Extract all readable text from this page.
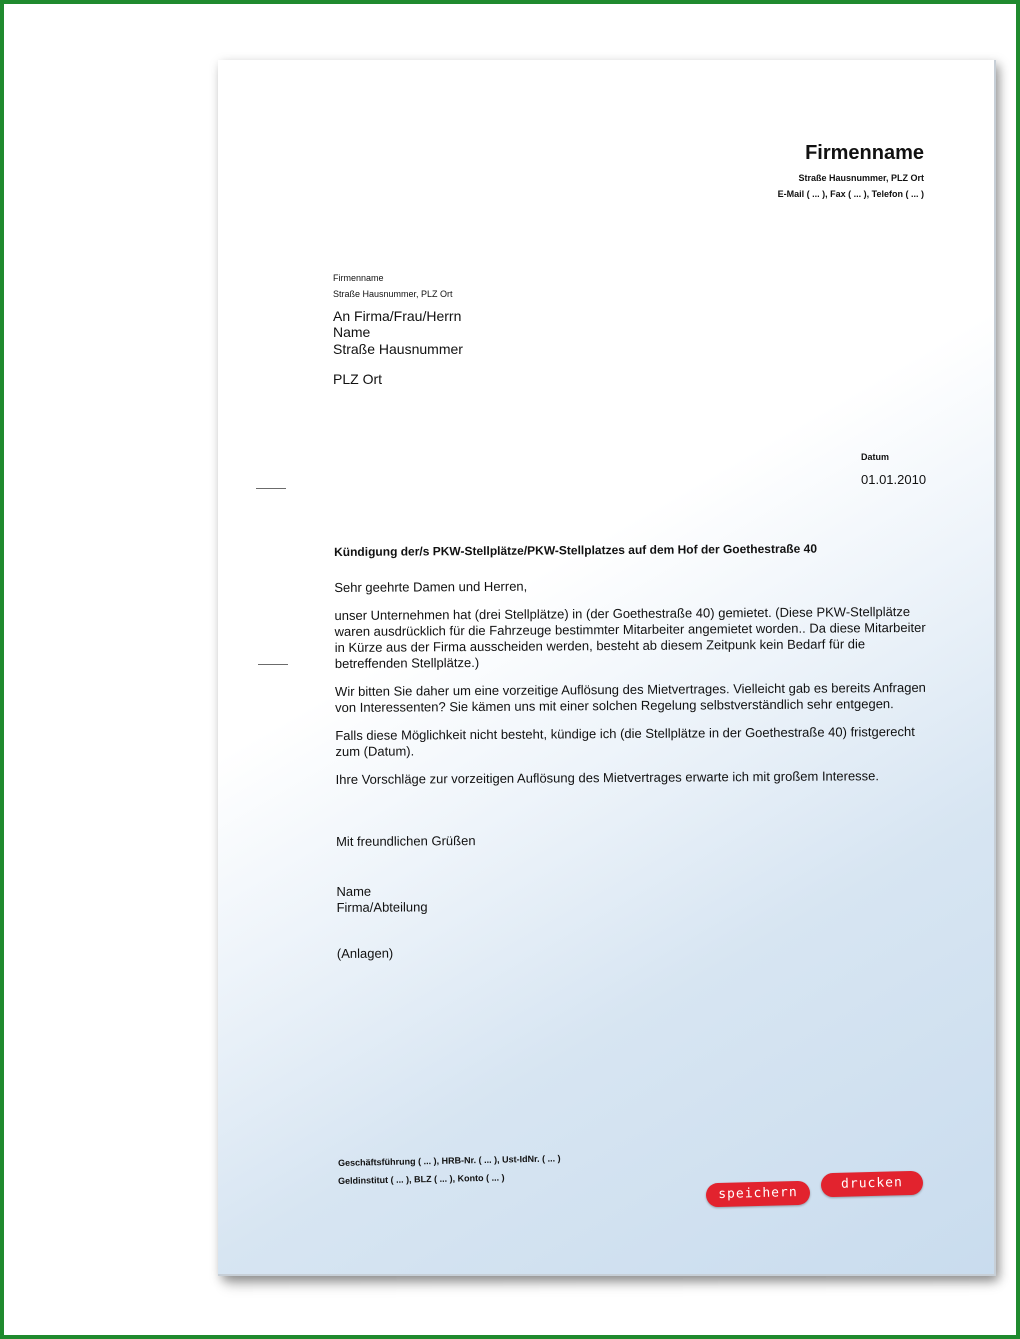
Firmenname
Straße Hausnummer, PLZ Ort
E-Mail ( ... ), Fax ( ... ), Telefon ( ... )
Firmenname
Straße Hausnummer, PLZ Ort
An Firma/Frau/Herrn
Name
Straße Hausnummer
PLZ Ort
Datum
01.01.2010
Kündigung der/s PKW-Stellplätze/PKW-Stellplatzes auf dem Hof der Goethestraße 40
Sehr geehrte Damen und Herren,
unser Unternehmen hat (drei Stellplätze) in (der Goethestraße 40) gemietet. (Diese PKW-Stellplätze
waren ausdrücklich für die Fahrzeuge bestimmter Mitarbeiter angemietet worden.. Da diese Mitarbeiter
in Kürze aus der Firma ausscheiden werden, besteht ab diesem Zeitpunk kein Bedarf für die
betreffenden Stellplätze.)
Wir bitten Sie daher um eine vorzeitige Auflösung des Mietvertrages. Vielleicht gab es bereits Anfragen
von Interessenten? Sie kämen uns mit einer solchen Regelung selbstverständlich sehr entgegen.
Falls diese Möglichkeit nicht besteht, kündige ich (die Stellplätze in der Goethestraße 40) fristgerecht
zum (Datum).
Ihre Vorschläge zur vorzeitigen Auflösung des Mietvertrages erwarte ich mit großem Interesse.
Mit freundlichen Grüßen
Name
Firma/Abteilung
(Anlagen)
Geschäftsführung ( ... ), HRB-Nr. ( ... ), Ust-IdNr. ( ... )
Geldinstitut ( ... ), BLZ ( ... ), Konto ( ... )
speichern
drucken
